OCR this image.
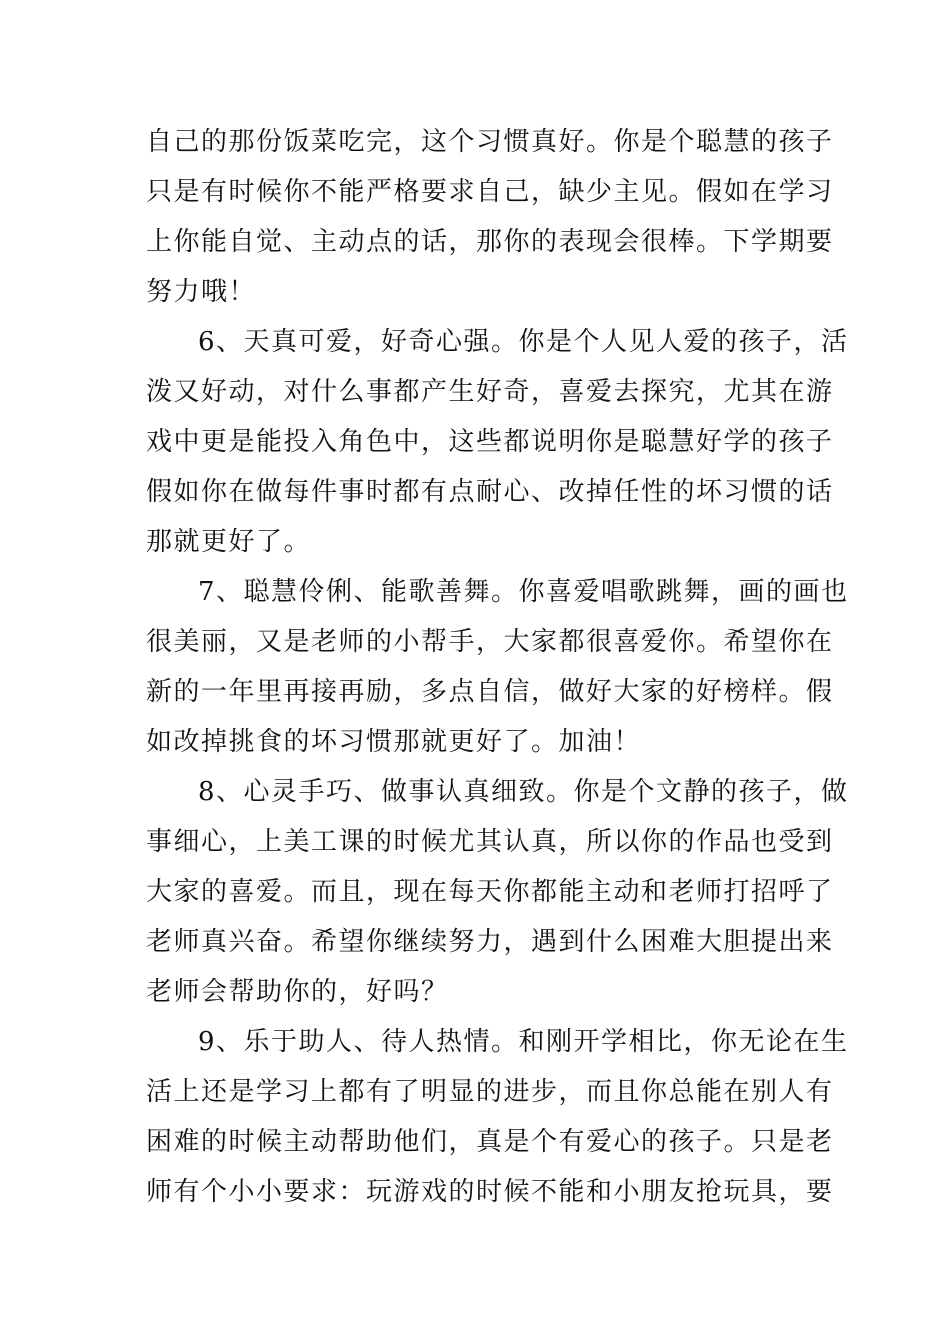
自己的那份饭菜吃完，这个习惯真好。你是个聪慧的孩子
只是有时候你不能严格要求自己，缺少主见。假如在学习
上你能自觉、主动点的话，那你的表现会很棒。下学期要
努力哦！
6、天真可爱，好奇心强。你是个人见人爱的孩子，活
泼又好动，对什么事都产生好奇，喜爱去探究，尤其在游
戏中更是能投入角色中，这些都说明你是聪慧好学的孩子
假如你在做每件事时都有点耐心、改掉任性的坏习惯的话
那就更好了。
7、聪慧伶俐、能歌善舞。你喜爱唱歌跳舞，画的画也
很美丽，又是老师的小帮手，大家都很喜爱你。希望你在
新的一年里再接再励，多点自信，做好大家的好榜样。假
如改掉挑食的坏习惯那就更好了。加油！
8、心灵手巧、做事认真细致。你是个文静的孩子，做
事细心，上美工课的时候尤其认真，所以你的作品也受到
大家的喜爱。而且，现在每天你都能主动和老师打招呼了
老师真兴奋。希望你继续努力，遇到什么困难大胆提出来
老师会帮助你的，好吗？
9、乐于助人、待人热情。和刚开学相比，你无论在生
活上还是学习上都有了明显的进步，而且你总能在别人有
困难的时候主动帮助他们，真是个有爱心的孩子。只是老
师有个小小要求：玩游戏的时候不能和小朋友抢玩具，要
